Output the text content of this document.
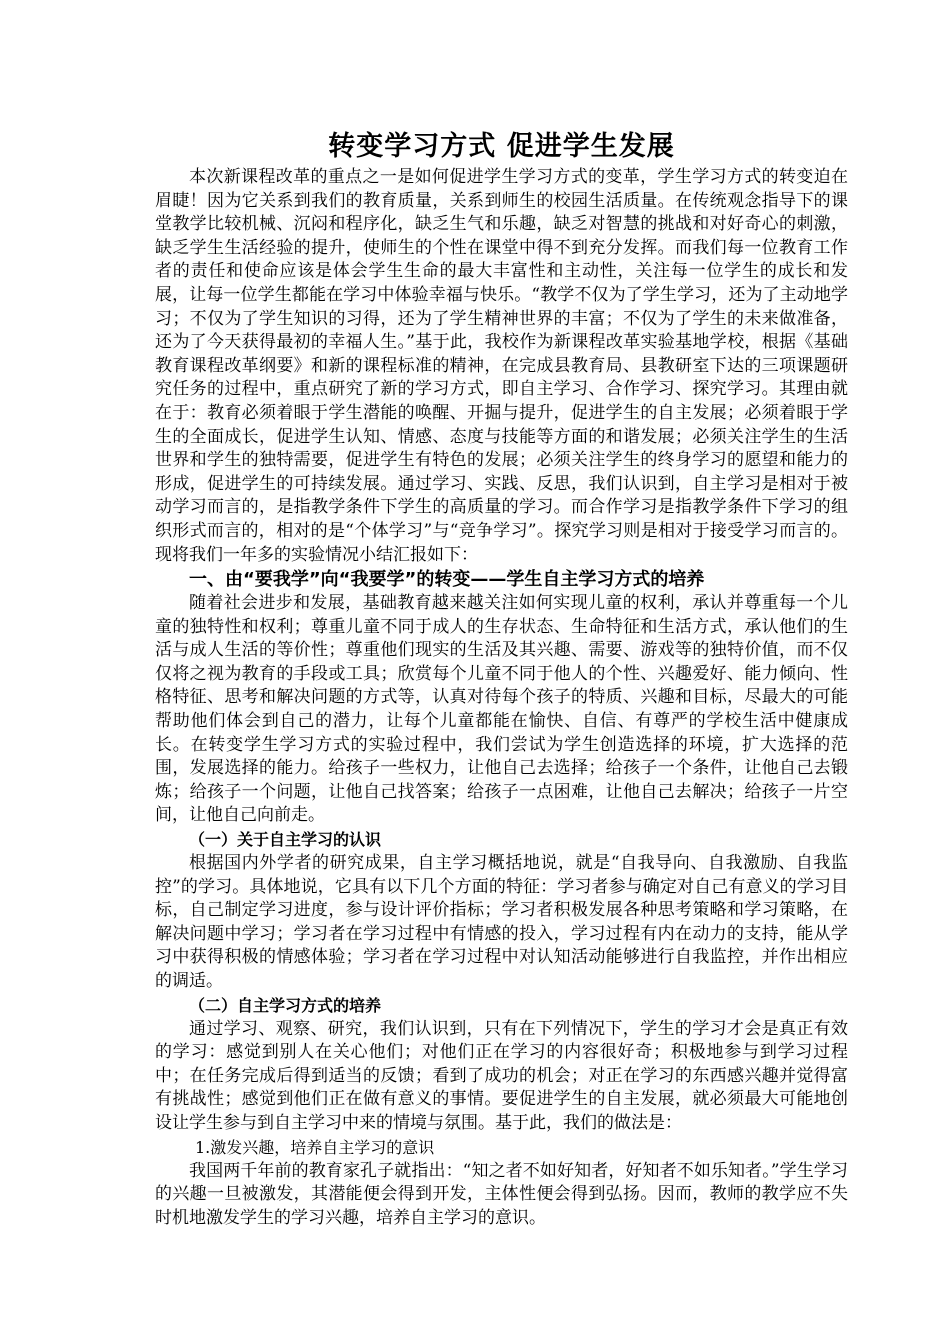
转变学习方式 促进学生发展

本次新课程改革的重点之一是如何促进学生学习方式的变革，学生学习方式的转变迫在眉睫！因为它关系到我们的教育质量，关系到师生的校园生活质量。在传统观念指导下的课堂教学比较机械、沉闷和程序化，缺乏生气和乐趣，缺乏对智慧的挑战和对好奇心的刺激，缺乏学生生活经验的提升，使师生的个性在课堂中得不到充分发挥。而我们每一位教育工作者的责任和使命应该是体会学生生命的最大丰富性和主动性，关注每一位学生的成长和发展，让每一位学生都能在学习中体验幸福与快乐。“教学不仅为了学生学习，还为了主动地学习；不仅为了学生知识的习得，还为了学生精神世界的丰富；不仅为了学生的未来做准备，还为了今天获得最初的幸福人生。”基于此，我校作为新课程改革实验基地学校，根据《基础教育课程改革纲要》和新的课程标准的精神，在完成县教育局、县教研室下达的三项课题研究任务的过程中，重点研究了新的学习方式，即自主学习、合作学习、探究学习。其理由就在于：教育必须着眼于学生潜能的唤醒、开掘与提升，促进学生的自主发展；必须着眼于学生的全面成长，促进学生认知、情感、态度与技能等方面的和谐发展；必须关注学生的生活世界和学生的独特需要，促进学生有特色的发展；必须关注学生的终身学习的愿望和能力的形成，促进学生的可持续发展。通过学习、实践、反思，我们认识到，自主学习是相对于被动学习而言的，是指教学条件下学生的高质量的学习。而合作学习是指教学条件下学习的组织形式而言的，相对的是“个体学习”与“竞争学习”。探究学习则是相对于接受学习而言的。现将我们一年多的实验情况小结汇报如下：

一、由“要我学”向“我要学”的转变——学生自主学习方式的培养

随着社会进步和发展，基础教育越来越关注如何实现儿童的权利，承认并尊重每一个儿童的独特性和权利；尊重儿童不同于成人的生存状态、生命特征和生活方式，承认他们的生活与成人生活的等价性；尊重他们现实的生活及其兴趣、需要、游戏等的独特价值，而不仅仅将之视为教育的手段或工具；欣赏每个儿童不同于他人的个性、兴趣爱好、能力倾向、性格特征、思考和解决问题的方式等，认真对待每个孩子的特质、兴趣和目标，尽最大的可能帮助他们体会到自己的潜力，让每个儿童都能在愉快、自信、有尊严的学校生活中健康成长。在转变学生学习方式的实验过程中，我们尝试为学生创造选择的环境，扩大选择的范围，发展选择的能力。给孩子一些权力，让他自己去选择；给孩子一个条件，让他自己去锻炼；给孩子一个问题，让他自己找答案；给孩子一点困难，让他自己去解决；给孩子一片空间，让他自己向前走。

（一）关于自主学习的认识

根据国内外学者的研究成果，自主学习概括地说，就是“自我导向、自我激励、自我监控”的学习。具体地说，它具有以下几个方面的特征：学习者参与确定对自己有意义的学习目标，自己制定学习进度，参与设计评价指标；学习者积极发展各种思考策略和学习策略，在解决问题中学习；学习者在学习过程中有情感的投入，学习过程有内在动力的支持，能从学习中获得积极的情感体验；学习者在学习过程中对认知活动能够进行自我监控，并作出相应的调适。

（二）自主学习方式的培养

通过学习、观察、研究，我们认识到，只有在下列情况下，学生的学习才会是真正有效的学习：感觉到别人在关心他们；对他们正在学习的内容很好奇；积极地参与到学习过程中；在任务完成后得到适当的反馈；看到了成功的机会；对正在学习的东西感兴趣并觉得富有挑战性；感觉到他们正在做有意义的事情。要促进学生的自主发展，就必须最大可能地创设让学生参与到自主学习中来的情境与氛围。基于此，我们的做法是：

1.激发兴趣，培养自主学习的意识

我国两千年前的教育家孔子就指出：“知之者不如好知者，好知者不如乐知者。”学生学习的兴趣一旦被激发，其潜能便会得到开发，主体性便会得到弘扬。因而，教师的教学应不失时机地激发学生的学习兴趣，培养自主学习的意识。
